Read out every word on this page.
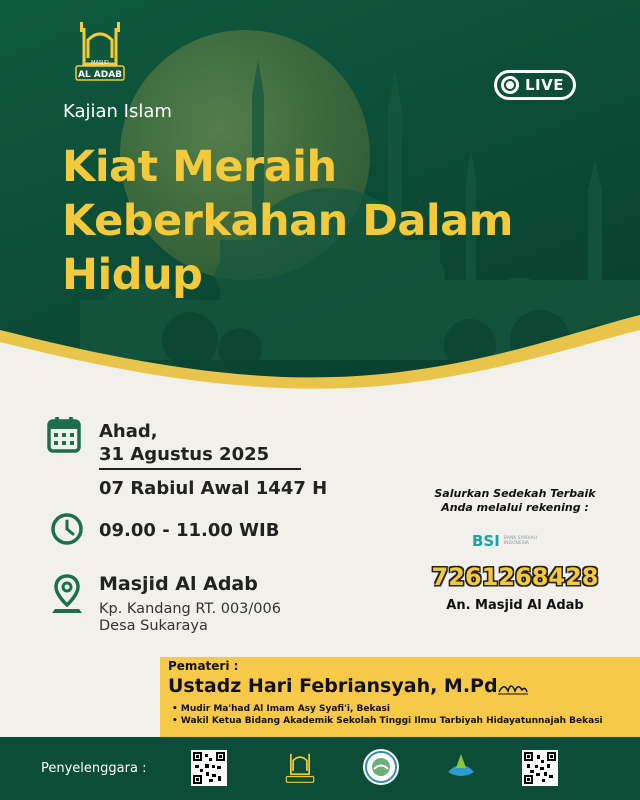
AL ADAB
MASJID
LIVE
Kajian Islam
Kiat Meraih
Keberkahan Dalam
Hidup
Ahad,
31 Agustus 2025
07 Rabiul Awal 1447 H
09.00 - 11.00 WIB
Masjid Al Adab
Kp. Kandang RT. 003/006
Desa Sukaraya
Salurkan Sedekah Terbaik
Anda melalui rekening :
BSI BANK SYARIAH INDONESIA
7261268428
An. Masjid Al Adab
Pemateri :
Ustadz Hari Febriansyah, M.Pd
• Mudir Ma'had Al Imam Asy Syafi'i, Bekasi
• Wakil Ketua Bidang Akademik Sekolah Tinggi Ilmu Tarbiyah Hidayatunnajah Bekasi
Penyelenggara :
